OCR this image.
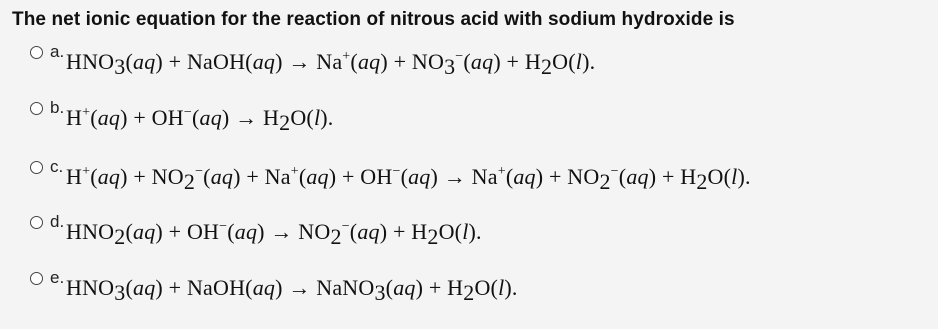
The net ionic equation for the reaction of nitrous acid with sodium hydroxide is
a. $HNO_3(aq)$ + NaOH(aq) → $Na^+(aq) + NO_3^-(aq) + H_2O(l)$.
b. $H^+(aq) + OH^-(aq) \to H_2O(l)$.
c. $H^+(aq) + NO_2^-(aq) + Na^+(aq) + OH^-(aq) \to Na^+(aq) + NO_2^-(aq) + H_2O(l)$.
d. $HNO_2(aq) + OH^-(aq) \to NO_2^-(aq) + H_2O(l)$.
e. $HNO_3(aq)$ + NaOH(aq) → NaNO$_3$(aq) + $H_2O(l)$.
